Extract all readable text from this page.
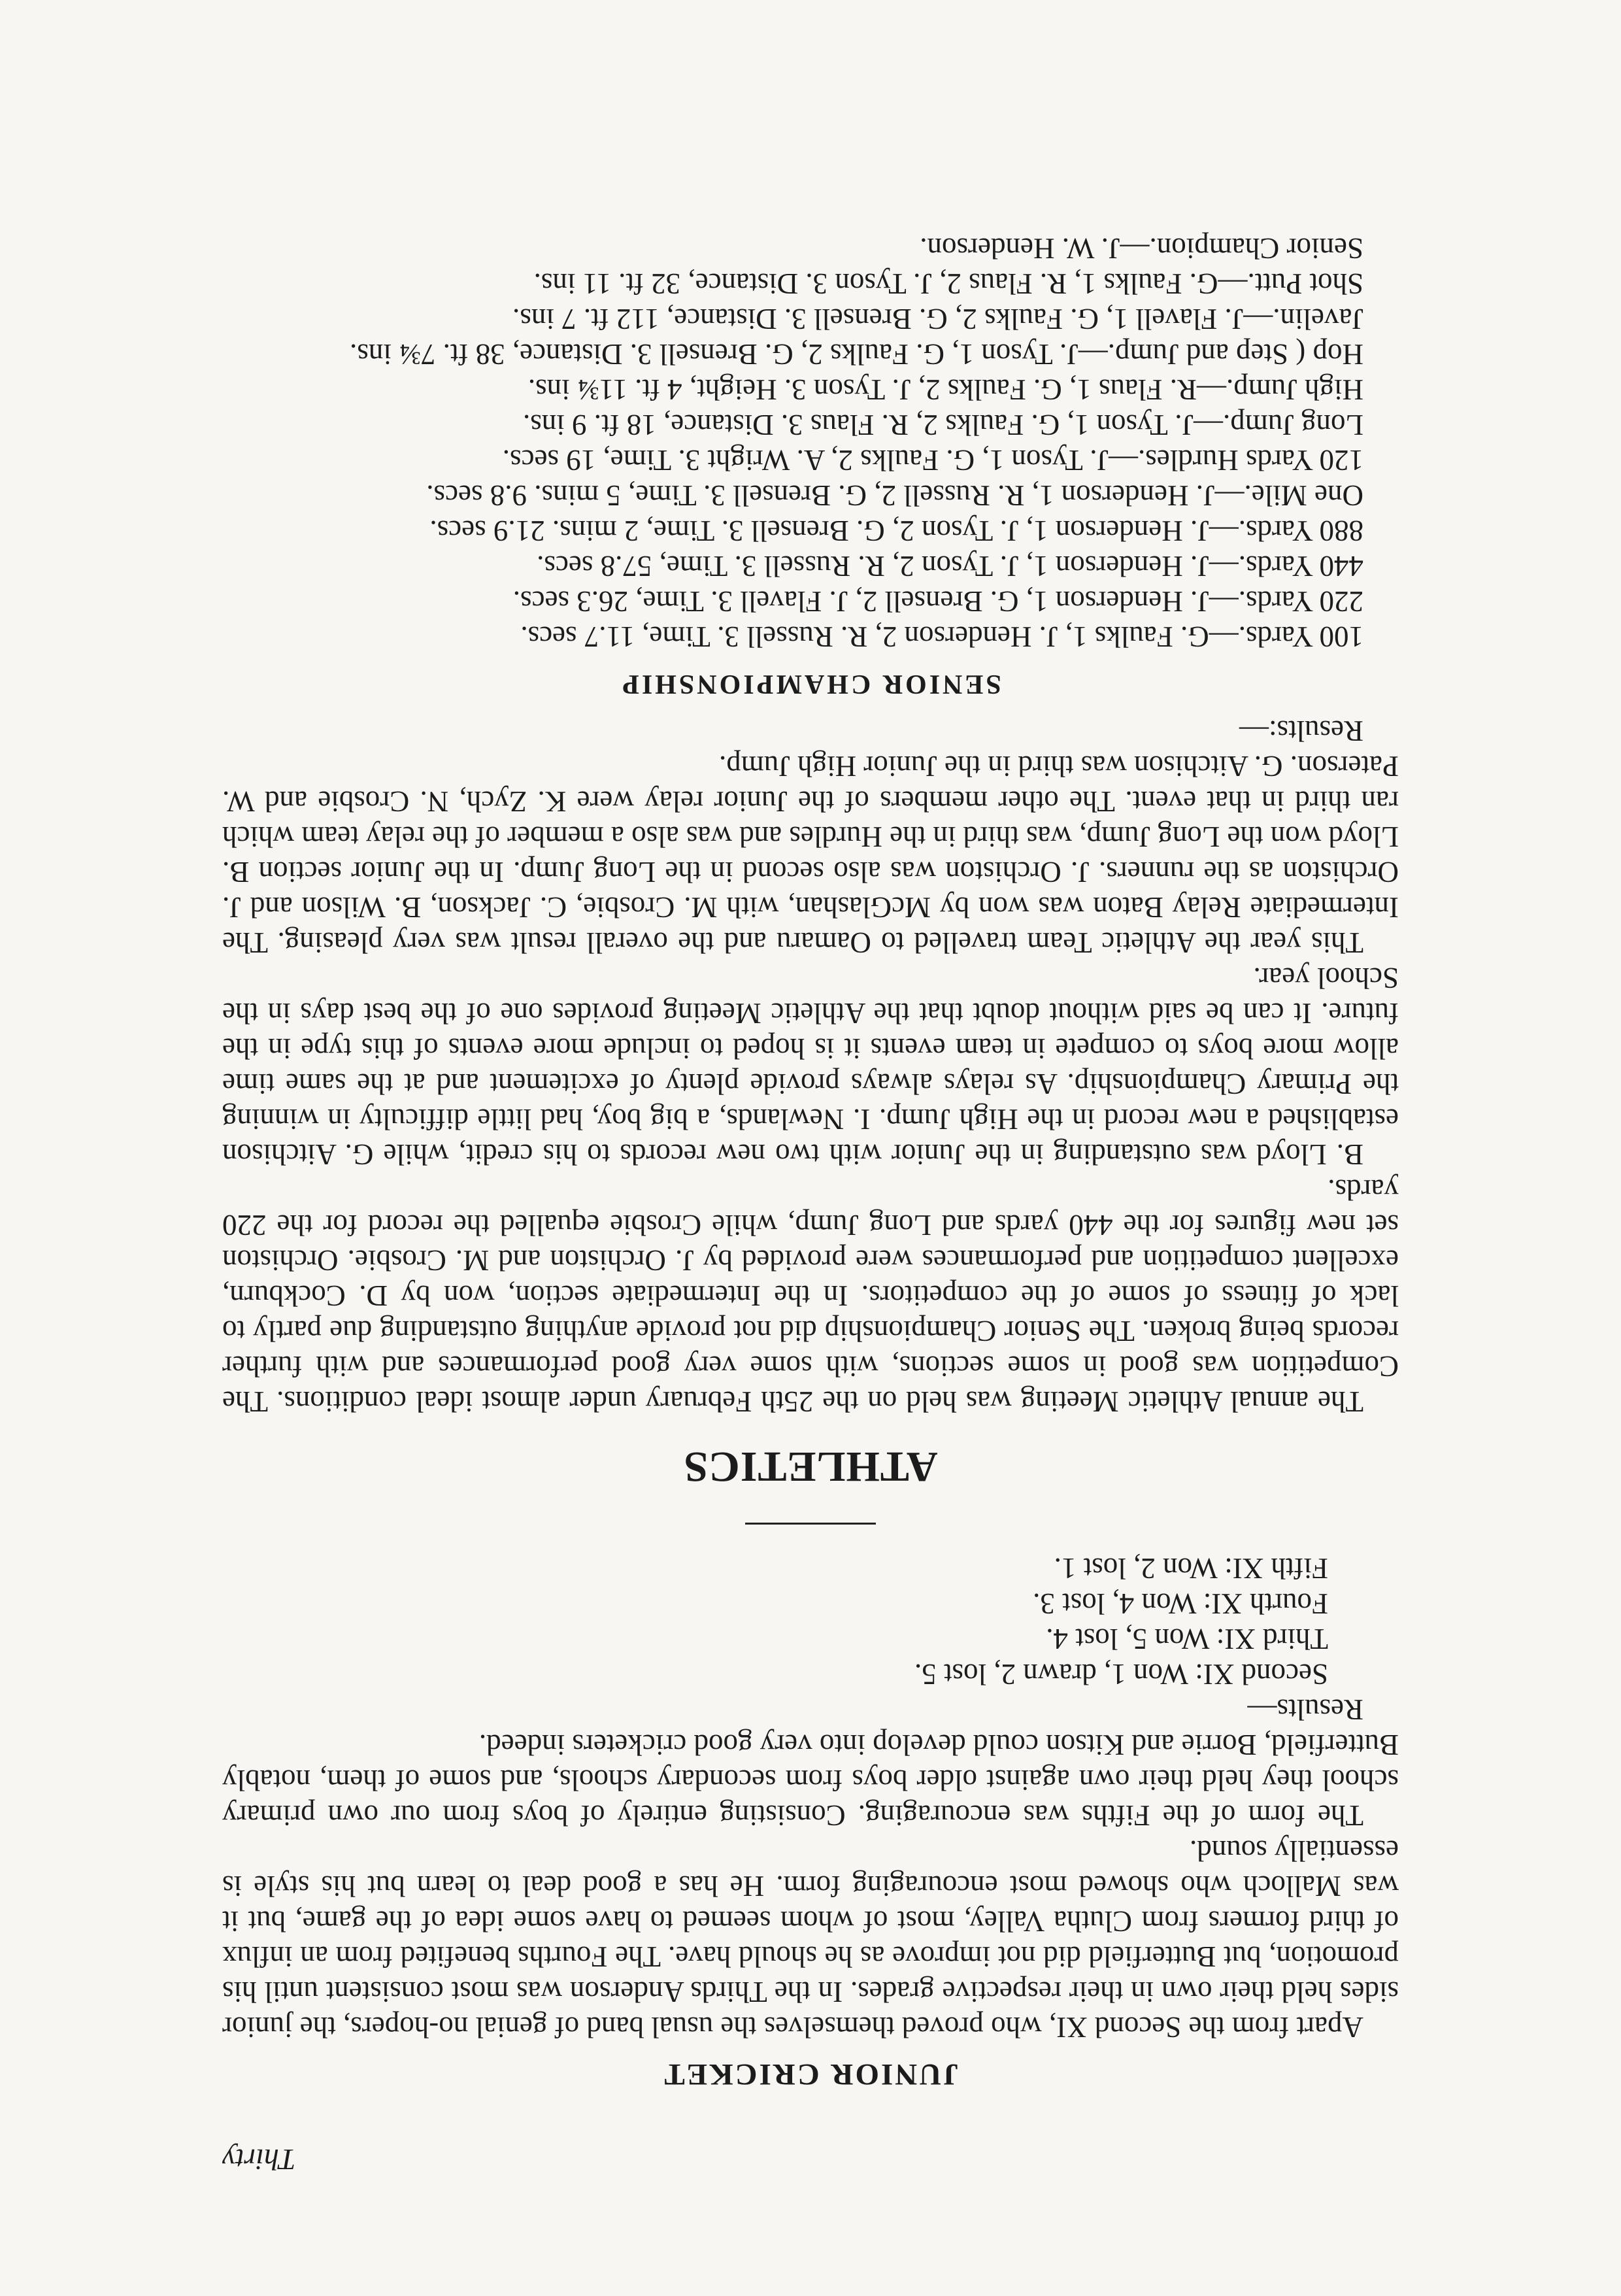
Thirty
JUNIOR CRICKET

Apart from the Second XI, who proved themselves the usual band of genial no-hopers, the junior sides held their own in their respective grades. In the Thirds Anderson was most consistent until his promotion, but Butterfield did not improve as he should have. The Fourths benefited from an influx of third formers from Clutha Valley, most of whom seemed to have some idea of the game, but it was Malloch who showed most encouraging form. He has a good deal to learn but his style is essentially sound.

The form of the Fifths was encouraging. Consisting entirely of boys from our own primary school they held their own against older boys from secondary schools, and some of them, notably Butterfield, Borrie and Kitson could develop into very good cricketers indeed.

Results—
Second XI: Won 1, drawn 2, lost 5.
Third XI: Won 5, lost 4.
Fourth XI: Won 4, lost 3.
Fifth XI: Won 2, lost 1.
ATHLETICS

The annual Athletic Meeting was held on the 25th February under almost ideal conditions. The Competition was good in some sections, with some very good performances and with further records being broken. The Senior Championship did not provide anything outstanding due partly to lack of fitness of some of the competitors. In the Intermediate section, won by D. Cockburn, excellent competition and performances were provided by J. Orchiston and M. Crosbie. Orchiston set new figures for the 440 yards and Long Jump, while Crosbie equalled the record for the 220 yards.

B. Lloyd was outstanding in the Junior with two new records to his credit, while G. Aitchison established a new record in the High Jump. I. Newlands, a big boy, had little difficulty in winning the Primary Championship. As relays always provide plenty of excitement and at the same time allow more boys to compete in team events it is hoped to include more events of this type in the future. It can be said without doubt that the Athletic Meeting provides one of the best days in the School year.

This year the Athletic Team travelled to Oamaru and the overall result was very pleasing. The Intermediate Relay Baton was won by McGlashan, with M. Crosbie, C. Jackson, B. Wilson and J. Orchiston as the runners. J. Orchiston was also second in the Long Jump. In the Junior section B. Lloyd won the Long Jump, was third in the Hurdles and was also a member of the relay team which ran third in that event. The other members of the Junior relay were K. Zych, N. Crosbie and W. Paterson. G. Aitchison was third in the Junior High Jump.

Results:—
SENIOR CHAMPIONSHIP
100 Yards.—G. Faulks 1, J. Henderson 2, R. Russell 3. Time, 11.7 secs.
220 Yards.—J. Henderson 1, G. Brensell 2, J. Flavell 3. Time, 26.3 secs.
440 Yards.—J. Henderson 1, J. Tyson 2, R. Russell 3. Time, 57.8 secs.
880 Yards.—J. Henderson 1, J. Tyson 2, G. Brensell 3. Time, 2 mins. 21.9 secs.
One Mile.—J. Henderson 1, R. Russell 2, G. Brensell 3. Time, 5 mins. 9.8 secs.
120 Yards Hurdles.—J. Tyson 1, G. Faulks 2, A. Wright 3. Time, 19 secs.
Long Jump.—J. Tyson 1, G. Faulks 2, R. Flaus 3. Distance, 18 ft. 9 ins.
High Jump.—R. Flaus 1, G. Faulks 2, J. Tyson 3. Height, 4 ft. 11¾ ins.
Hop ( Step and Jump.—J. Tyson 1, G. Faulks 2, G. Brensell 3. Distance, 38 ft. 7¾ ins.
Javelin.—J. Flavell 1, G. Faulks 2, G. Brensell 3. Distance, 112 ft. 7 ins.
Shot Putt.—G. Faulks 1, R. Flaus 2, J. Tyson 3. Distance, 32 ft. 11 ins.
Senior Champion.—J. W. Henderson.
